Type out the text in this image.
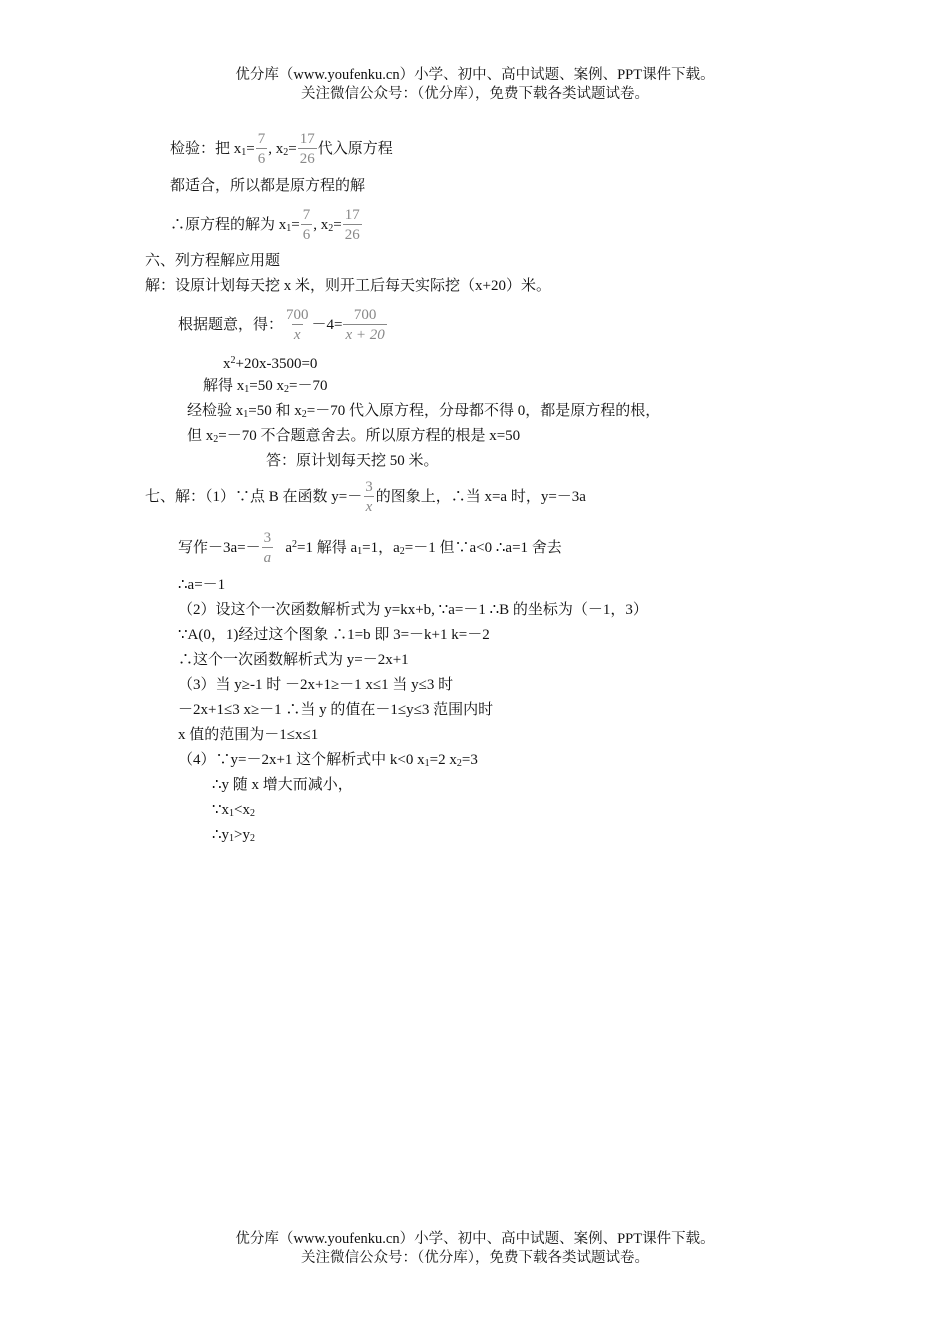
优分库（www.youfenku.cn）小学、初中、高中试题、案例、PPT课件下载。
关注微信公众号：（优分库），免费下载各类试题试卷。
检验：把 $x_1= \frac{7}{6}$ , $x_2= \frac{17}{26}$ 代入原方程
都适合，所以都是原方程的解
∴原方程的解为 $x_1= \frac{7}{6}$ , $x_2= \frac{17}{26}$
六、列方程解应用题
解：设原计划每天挖 x 米，则开工后每天实际挖（x+20）米。
根据题意，得： $\frac{700}{x} -4= \frac{700}{x + 20}$
$x^2+20x-3500=0$
解得 $x_1=50$ $x_2=-70$
经检验 $x_1=50$ 和 $x_2=-70$ 代入原方程，分母都不得 0，都是原方程的根，
但 $x_2=-70$ 不合题意舍去。所以原方程的根是 x=50
答：原计划每天挖 50 米。
七、解：（1）∵点 B 在函数 $y=- \frac{3}{x}$ 的图象上，∴当 x=a 时，y=－3a
写作$-3a=- \frac{3}{a} a^2=1$ 解得 $a_1=1$，$a_2=-1$ 但∵a<0 ∴a=1 舍去
∴a=－1
（2）设这个一次函数解析式为 y=kx+b, ∵a=－1 ∴B 的坐标为（－1，3）
∵A(0，1)经过这个图象 ∴1=b 即 3=－k+1 k=－2
∴这个一次函数解析式为 y=－2x+1
（3）当 y≥-1 时 －2x+1≥－1 x≤1 当 y≤3 时
－2x+1≤3 x≥－1 ∴当 y 的值在－1≤y≤3 范围内时
x 值的范围为－1≤x≤1
（4）∵y=－2x+1 这个解析式中 k<0 $x_1=2$ $x_2=3$
∴y 随 x 增大而减小，
$\because x_1<x_2$
$\therefore y_1>y_2$
优分库（www.youfenku.cn）小学、初中、高中试题、案例、PPT课件下载。
关注微信公众号：（优分库），免费下载各类试题试卷。
